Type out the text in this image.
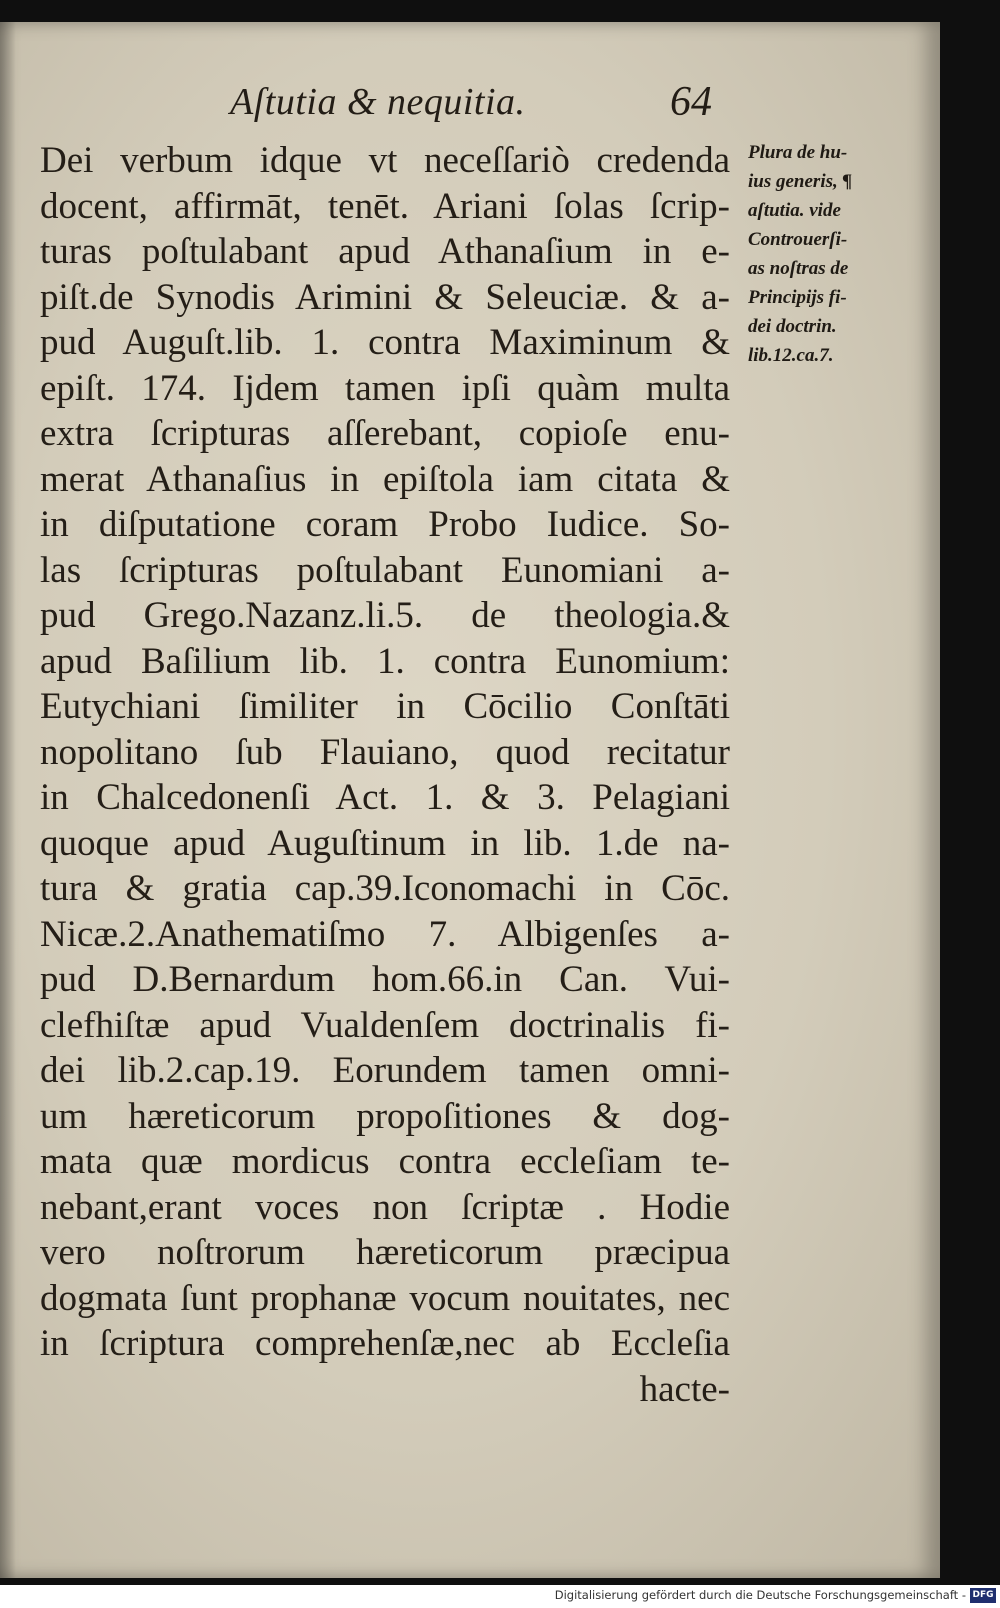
Aſtutia & nequitia.	64
Dei verbum idque vt neceſſariò credenda
docent, affirmāt, tenēt. Ariani ſolas ſcrip-
turas poſtulabant apud Athanaſium in e-
piſt.de Synodis Arimini & Seleuciæ. & a-
pud Auguſt.lib. 1. contra Maximinum &
epiſt. 174. Ijdem tamen ipſi quàm multa
extra ſcripturas aſſerebant, copioſe enu-
merat Athanaſius in epiſtola iam citata &
in diſputatione coram Probo Iudice. So-
las ſcripturas poſtulabant Eunomiani a-
pud Grego.Nazanz.li.5. de theologia.&
apud Baſilium lib. 1. contra Eunomium:
Eutychiani ſimiliter in Cōcilio Conſtāti
nopolitano ſub Flauiano, quod recitatur
in Chalcedonenſi Act. 1. & 3. Pelagiani
quoque apud Auguſtinum in lib. 1.de na-
tura & gratia cap.39.Iconomachi in Cōc.
Nicæ.2.Anathematiſmo 7. Albigenſes a-
pud D.Bernardum hom.66.in Can. Vui-
clefhiſtæ apud Vualdenſem doctrinalis fi-
dei lib.2.cap.19. Eorundem tamen omni-
um hæreticorum propoſitiones & dog-
mata quæ mordicus contra eccleſiam te-
nebant,erant voces non ſcriptæ . Hodie
vero noſtrorum hæreticorum præcipua
dogmata ſunt prophanæ vocum nouitates, nec
in ſcriptura comprehenſæ,nec ab Eccleſia
hacte-
Plura de hu-
ius generis, ¶
aſtutia. vide
Controuerſi-
as noſtras de
Principijs fi-
dei doctrin.
lib.12.ca.7.
Digitalisierung gefördert durch die Deutsche Forschungsgemeinschaft - DFG
